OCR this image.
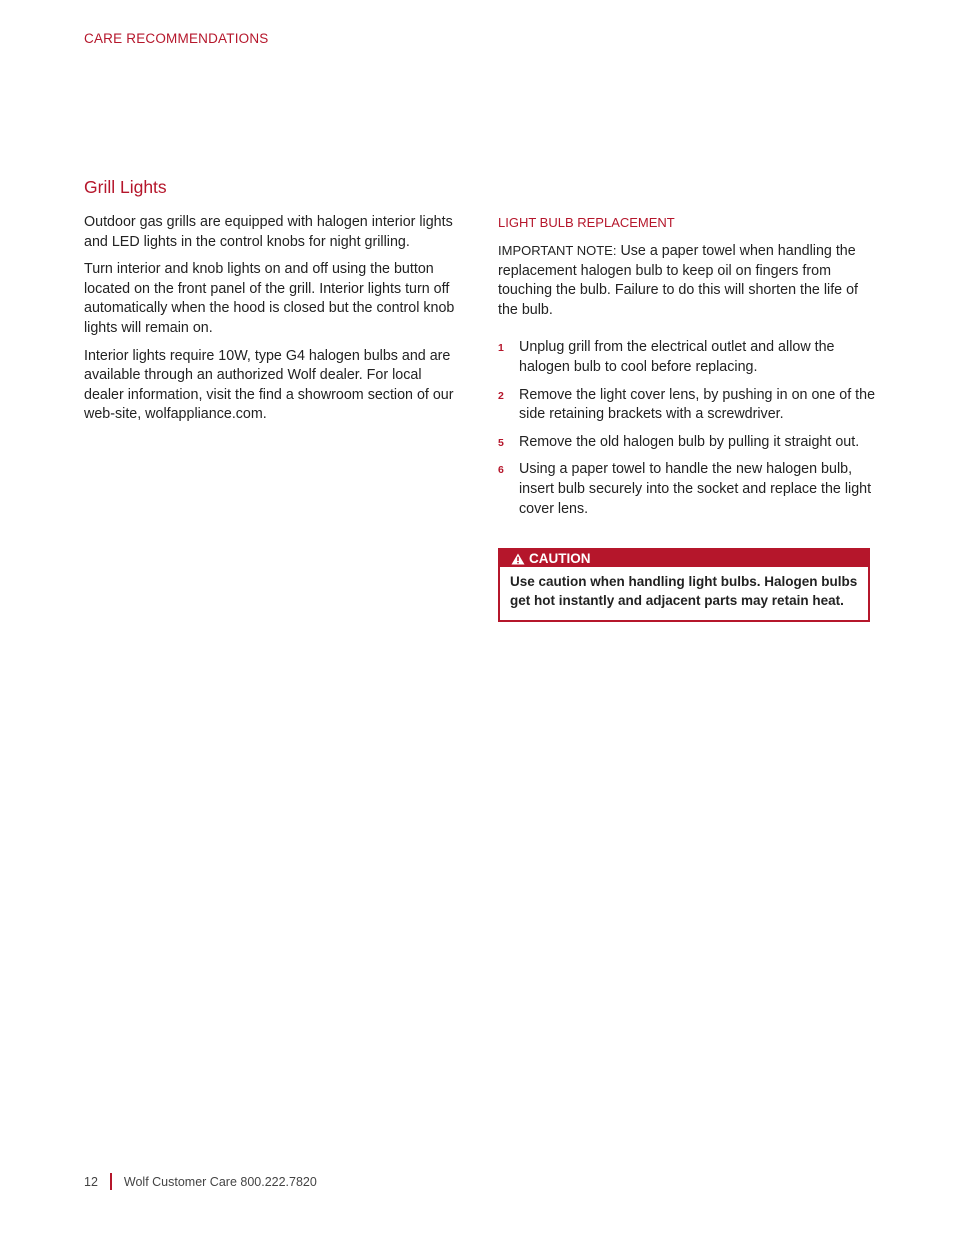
CARE RECOMMENDATIONS
Grill Lights

Outdoor gas grills are equipped with halogen interior lights and LED lights in the control knobs for night grilling.

Turn interior and knob lights on and off using the button located on the front panel of the grill. Interior lights turn off automatically when the hood is closed but the control knob lights will remain on.

Interior lights require 10W, type G4 halogen bulbs and are available through an authorized Wolf dealer. For local dealer information, visit the find a showroom section of our web-site, wolfappliance.com.

LIGHT BULB REPLACEMENT

IMPORTANT NOTE: Use a paper towel when handling the replacement halogen bulb to keep oil on fingers from touching the bulb. Failure to do this will shorten the life of the bulb.

1 Unplug grill from the electrical outlet and allow the halogen bulb to cool before replacing.
2 Remove the light cover lens, by pushing in on one of the side retaining brackets with a screwdriver.
5 Remove the old halogen bulb by pulling it straight out.
6 Using a paper towel to handle the new halogen bulb, insert bulb securely into the socket and replace the light cover lens.
CAUTION
Use caution when handling light bulbs. Halogen bulbs get hot instantly and adjacent parts may retain heat.
12 Wolf Customer Care 800.222.7820
